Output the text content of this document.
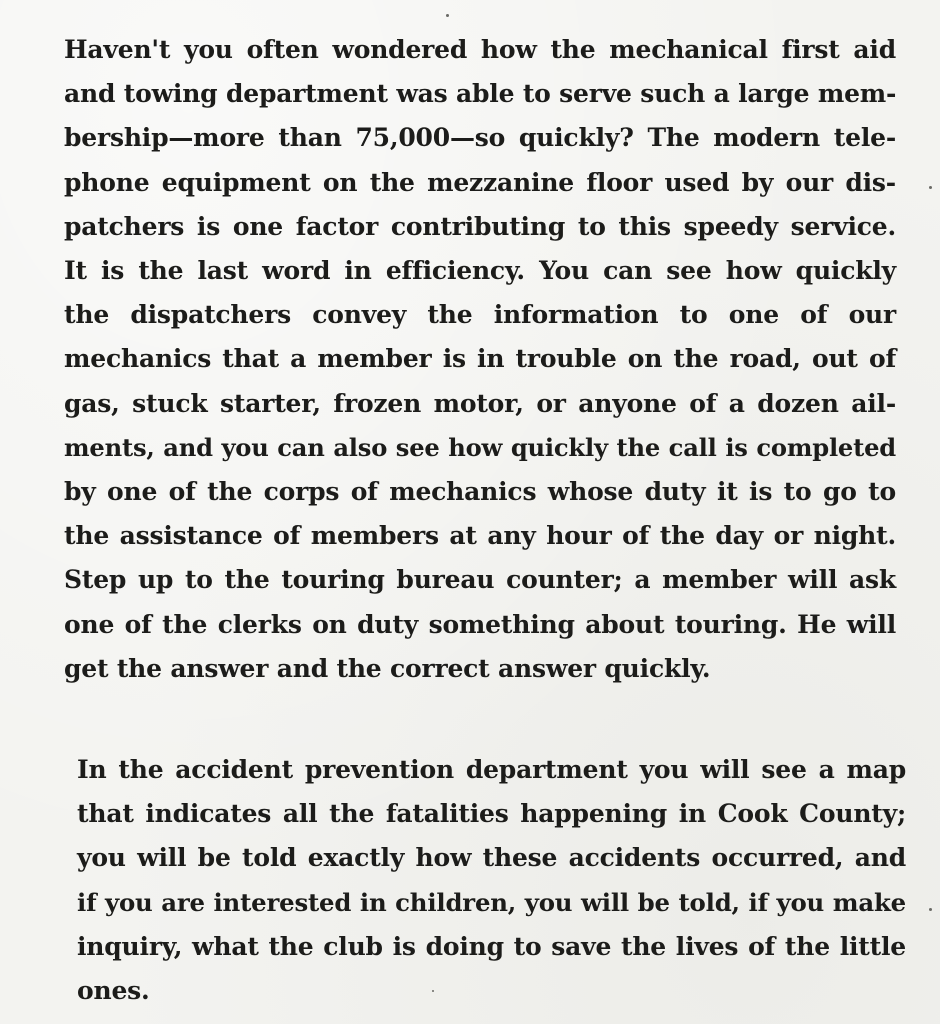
Haven't you often wondered how the mechanical first aid
and towing department was able to serve such a large mem-
bership—more than 75,000—so quickly? The modern tele-
phone equipment on the mezzanine floor used by our dis-
patchers is one factor contributing to this speedy service.
It is the last word in efficiency. You can see how quickly
the dispatchers convey the information to one of our
mechanics that a member is in trouble on the road, out of
gas, stuck starter, frozen motor, or anyone of a dozen ail-
ments, and you can also see how quickly the call is completed
by one of the corps of mechanics whose duty it is to go to
the assistance of members at any hour of the day or night.
Step up to the touring bureau counter; a member will ask
one of the clerks on duty something about touring. He will
get the answer and the correct answer quickly.

In the accident prevention department you will see a map
that indicates all the fatalities happening in Cook County;
you will be told exactly how these accidents occurred, and
if you are interested in children, you will be told, if you make
inquiry, what the club is doing to save the lives of the little
ones.
